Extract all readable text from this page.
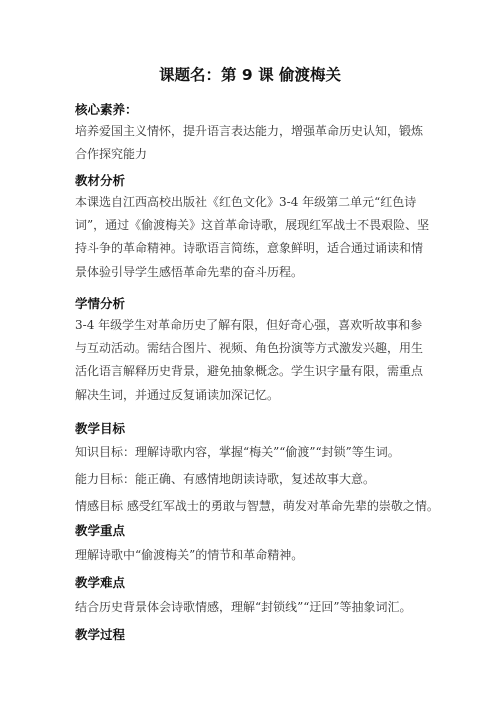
课题名：第 9 课 偷渡梅关
核心素养：
培养爱国主义情怀，提升语言表达能力，增强革命历史认知，锻炼合作探究能力
教材分析
本课选自江西高校出版社《红色文化》3-4 年级第二单元“红色诗词”，通过《偷渡梅关》这首革命诗歌，展现红军战士不畏艰险、坚持斗争的革命精神。诗歌语言简练，意象鲜明，适合通过诵读和情景体验引导学生感悟革命先辈的奋斗历程。
学情分析
3-4 年级学生对革命历史了解有限，但好奇心强，喜欢听故事和参与互动活动。需结合图片、视频、角色扮演等方式激发兴趣，用生活化语言解释历史背景，避免抽象概念。学生识字量有限，需重点解决生词，并通过反复诵读加深记忆。
教学目标
知识目标：理解诗歌内容，掌握“梅关”“偷渡”“封锁”等生词。
能力目标：能正确、有感情地朗读诗歌，复述故事大意。
情感目标 感受红军战士的勇敢与智慧，萌发对革命先辈的崇敬之情。
教学重点
理解诗歌中“偷渡梅关”的情节和革命精神。
教学难点
结合历史背景体会诗歌情感，理解“封锁线”“迂回”等抽象词汇。
教学过程
